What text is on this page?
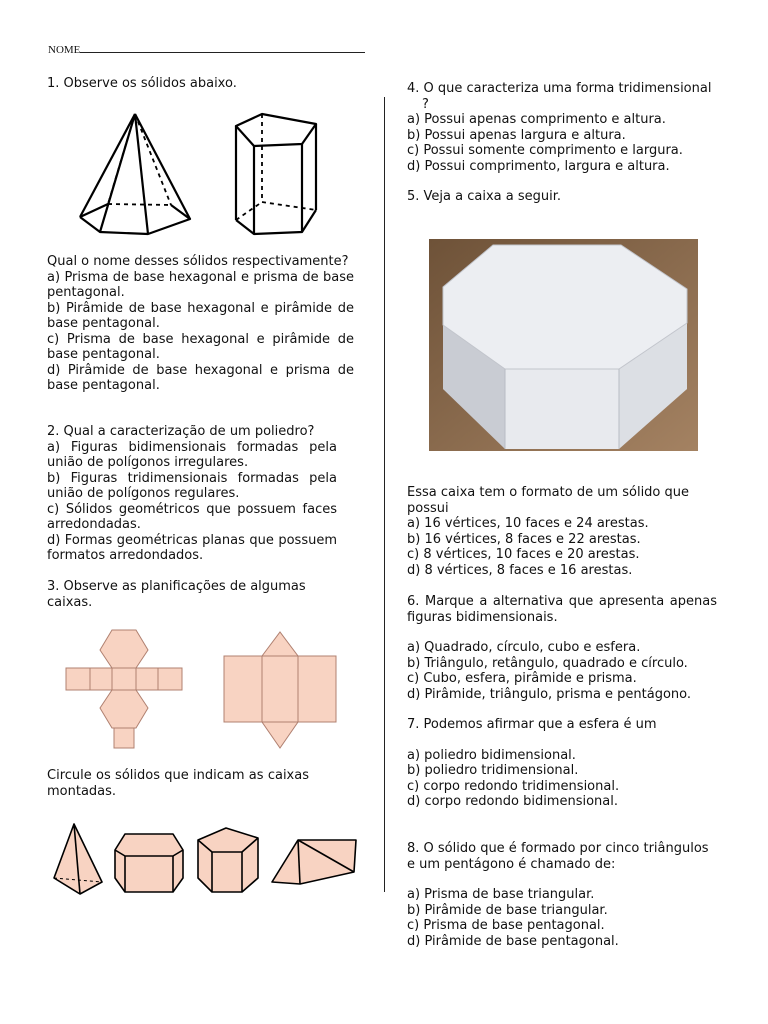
NOME

1. Observe os sólidos abaixo.

Qual o nome desses sólidos respectivamente?

a) Prisma de base hexagonal e prisma de base pentagonal.

b) Pirâmide de base hexagonal e pirâmide de base pentagonal.

c) Prisma de base hexagonal e pirâmide de base pentagonal.

d) Pirâmide de base hexagonal e prisma de base pentagonal.

2. Qual a caracterização de um poliedro?

a) Figuras bidimensionais formadas pela união de polígonos irregulares.

b) Figuras tridimensionais formadas pela união de polígonos regulares.

c) Sólidos geométricos que possuem faces arredondadas.

d) Formas geométricas planas que possuem formatos arredondados.

3. Observe as planificações de algumas caixas.

Circule os sólidos que indicam as caixas montadas.

4. O que caracteriza uma forma tridimensional ?

a) Possui apenas comprimento e altura.

b) Possui apenas largura e altura.

c) Possui somente comprimento e largura.

d) Possui comprimento, largura e altura.

5. Veja a caixa a seguir.

Essa caixa tem o formato de um sólido que possui

a) 16 vértices, 10 faces e 24 arestas.

b) 16 vértices, 8 faces e 22 arestas.

c) 8 vértices, 10 faces e 20 arestas.

d) 8 vértices, 8 faces e 16 arestas.

6. Marque a alternativa que apresenta apenas figuras bidimensionais.

a) Quadrado, círculo, cubo e esfera.

b) Triângulo, retângulo, quadrado e círculo.

c) Cubo, esfera, pirâmide e prisma.

d) Pirâmide, triângulo, prisma e pentágono.

7. Podemos afirmar que a esfera é um

a) poliedro bidimensional.

b) poliedro tridimensional.

c) corpo redondo tridimensional.

d) corpo redondo bidimensional.

8. O sólido que é formado por cinco triângulos e um pentágono é chamado de:

a) Prisma de base triangular.

b) Pirâmide de base triangular.

c) Prisma de base pentagonal.

d) Pirâmide de base pentagonal.
